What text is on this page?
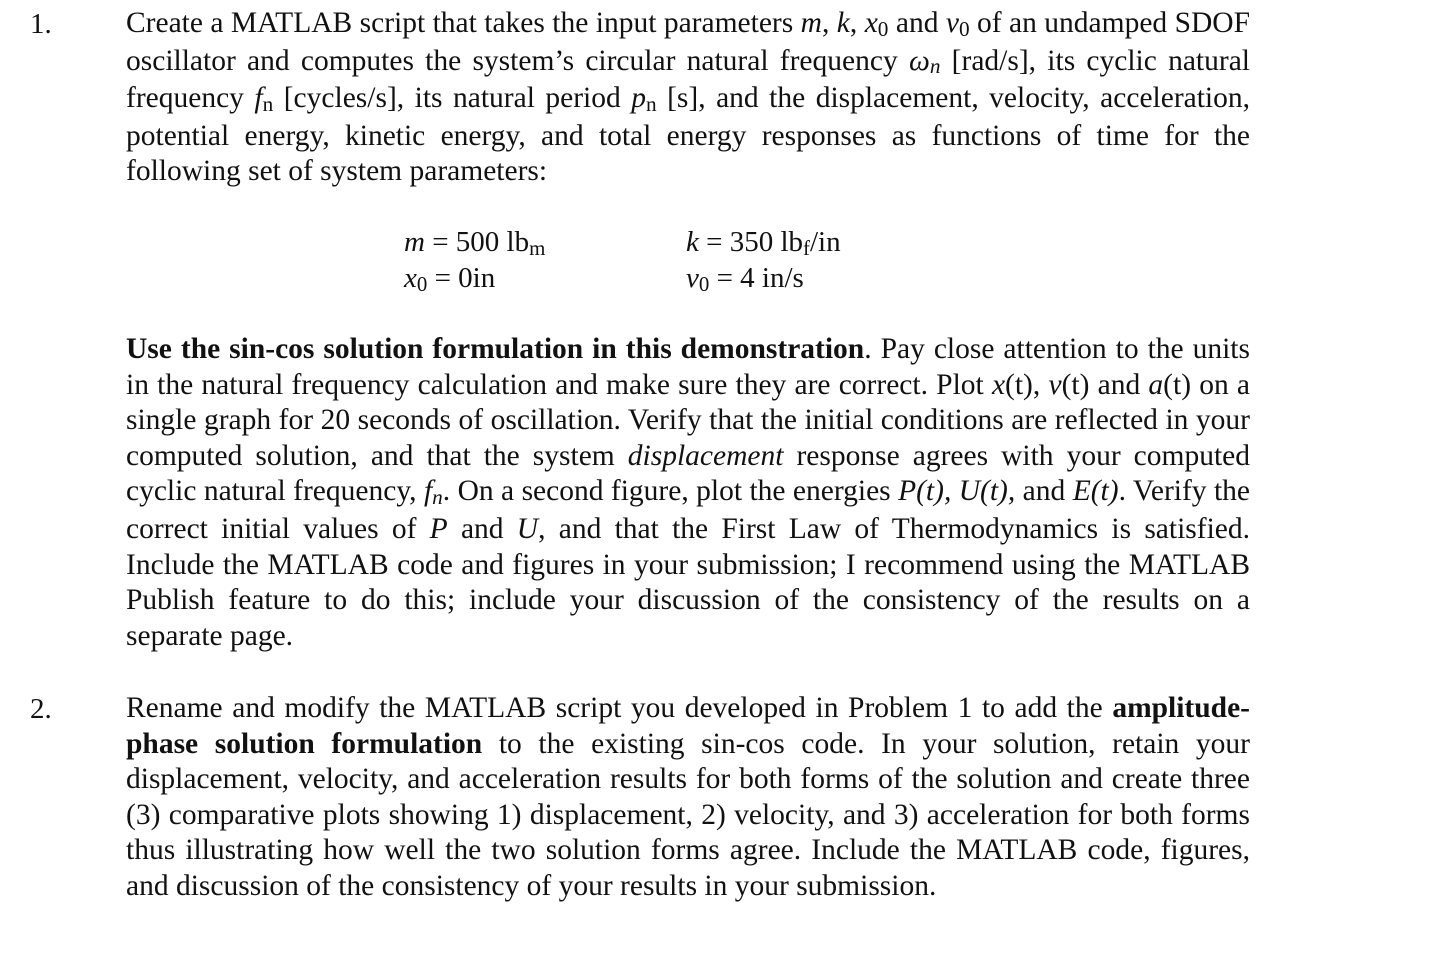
1.	Create a MATLAB script that takes the input parameters m, k, x0 and v0 of an undamped SDOF oscillator and computes the system’s circular natural frequency ωn [rad/s], its cyclic natural frequency fn [cycles/s], its natural period pn [s], and the displacement, velocity, acceleration, potential energy, kinetic energy, and total energy responses as functions of time for the following set of system parameters:

m = 500 lbm	k = 350 lbf/in
x0 = 0in	v0 = 4 in/s

Use the sin-cos solution formulation in this demonstration. Pay close attention to the units in the natural frequency calculation and make sure they are correct. Plot x(t), v(t) and a(t) on a single graph for 20 seconds of oscillation. Verify that the initial conditions are reflected in your computed solution, and that the system displacement response agrees with your computed cyclic natural frequency, fn. On a second figure, plot the energies P(t), U(t), and E(t). Verify the correct initial values of P and U, and that the First Law of Thermodynamics is satisfied. Include the MATLAB code and figures in your submission; I recommend using the MATLAB Publish feature to do this; include your discussion of the consistency of the results on a separate page.

2.	Rename and modify the MATLAB script you developed in Problem 1 to add the amplitude-phase solution formulation to the existing sin-cos code. In your solution, retain your displacement, velocity, and acceleration results for both forms of the solution and create three (3) comparative plots showing 1) displacement, 2) velocity, and 3) acceleration for both forms thus illustrating how well the two solution forms agree. Include the MATLAB code, figures, and discussion of the consistency of your results in your submission.
